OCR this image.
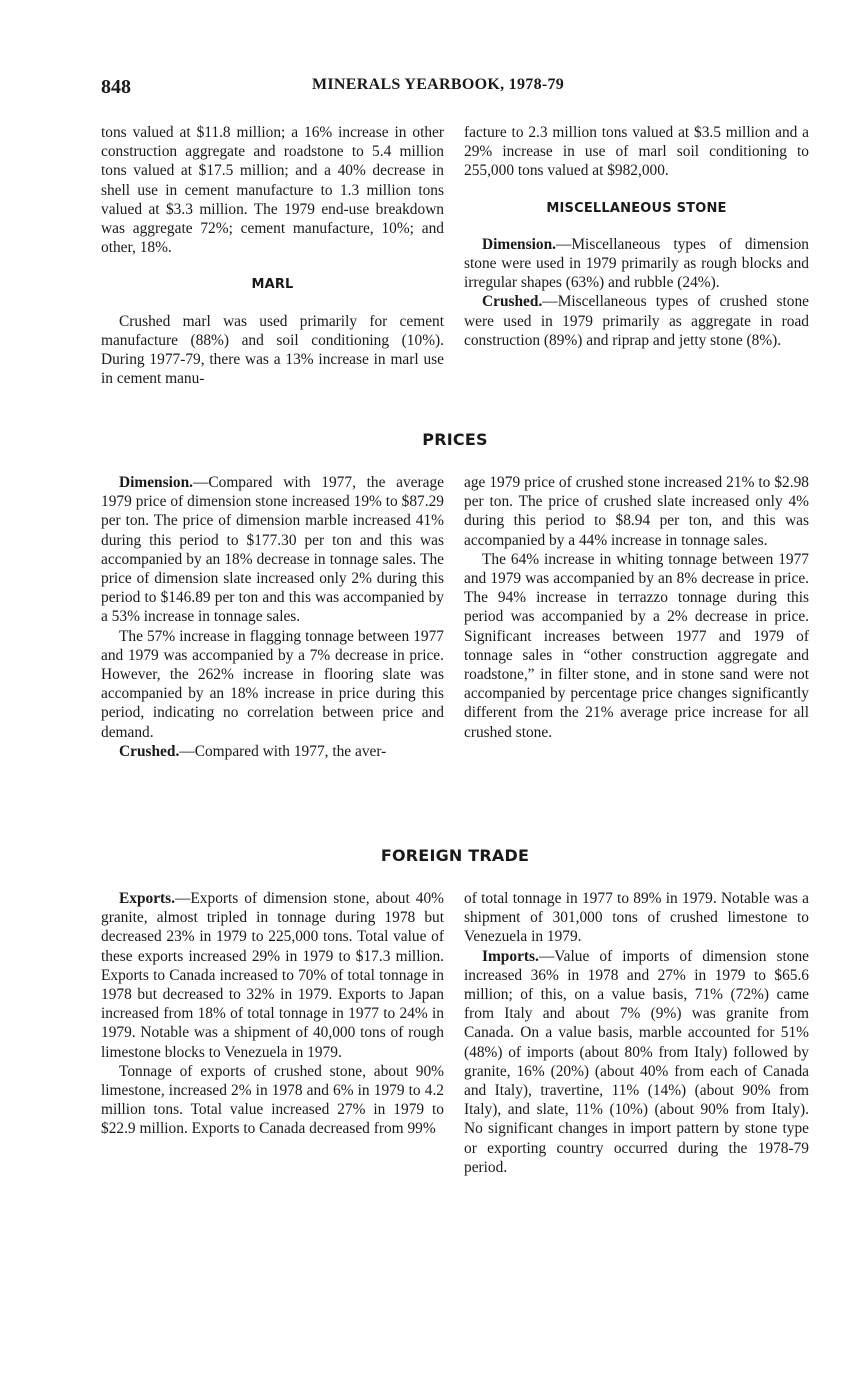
848	MINERALS YEARBOOK, 1978-79

tons valued at $11.8 million; a 16% increase in other construction aggregate and roadstone to 5.4 million tons valued at $17.5 million; and a 40% decrease in shell use in cement manufacture to 1.3 million tons valued at $3.3 million. The 1979 end-use breakdown was aggregate 72%; cement manufacture, 10%; and other, 18%.

MARL

Crushed marl was used primarily for cement manufacture (88%) and soil conditioning (10%). During 1977-79, there was a 13% increase in marl use in cement manu-

facture to 2.3 million tons valued at $3.5 million and a 29% increase in use of marl soil conditioning to 255,000 tons valued at $982,000.

MISCELLANEOUS STONE

Dimension.—Miscellaneous types of dimension stone were used in 1979 primarily as rough blocks and irregular shapes (63%) and rubble (24%).

Crushed.—Miscellaneous types of crushed stone were used in 1979 primarily as aggregate in road construction (89%) and riprap and jetty stone (8%).

PRICES

Dimension.—Compared with 1977, the average 1979 price of dimension stone increased 19% to $87.29 per ton. The price of dimension marble increased 41% during this period to $177.30 per ton and this was accompanied by an 18% decrease in tonnage sales. The price of dimension slate increased only 2% during this period to $146.89 per ton and this was accompanied by a 53% increase in tonnage sales.

The 57% increase in flagging tonnage between 1977 and 1979 was accompanied by a 7% decrease in price. However, the 262% increase in flooring slate was accompanied by an 18% increase in price during this period, indicating no correlation between price and demand.

Crushed.—Compared with 1977, the aver-

age 1979 price of crushed stone increased 21% to $2.98 per ton. The price of crushed slate increased only 4% during this period to $8.94 per ton, and this was accompanied by a 44% increase in tonnage sales.

The 64% increase in whiting tonnage between 1977 and 1979 was accompanied by an 8% decrease in price. The 94% increase in terrazzo tonnage during this period was accompanied by a 2% decrease in price. Significant increases between 1977 and 1979 of tonnage sales in “other construction aggregate and roadstone,” in filter stone, and in stone sand were not accompanied by percentage price changes significantly different from the 21% average price increase for all crushed stone.

FOREIGN TRADE

Exports.—Exports of dimension stone, about 40% granite, almost tripled in tonnage during 1978 but decreased 23% in 1979 to 225,000 tons. Total value of these exports increased 29% in 1979 to $17.3 million. Exports to Canada increased to 70% of total tonnage in 1978 but decreased to 32% in 1979. Exports to Japan increased from 18% of total tonnage in 1977 to 24% in 1979. Notable was a shipment of 40,000 tons of rough limestone blocks to Venezuela in 1979.

Tonnage of exports of crushed stone, about 90% limestone, increased 2% in 1978 and 6% in 1979 to 4.2 million tons. Total value increased 27% in 1979 to $22.9 million. Exports to Canada decreased from 99%

of total tonnage in 1977 to 89% in 1979. Notable was a shipment of 301,000 tons of crushed limestone to Venezuela in 1979.

Imports.—Value of imports of dimension stone increased 36% in 1978 and 27% in 1979 to $65.6 million; of this, on a value basis, 71% (72%) came from Italy and about 7% (9%) was granite from Canada. On a value basis, marble accounted for 51% (48%) of imports (about 80% from Italy) followed by granite, 16% (20%) (about 40% from each of Canada and Italy), travertine, 11% (14%) (about 90% from Italy), and slate, 11% (10%) (about 90% from Italy). No significant changes in import pattern by stone type or exporting country occurred during the 1978-79 period.
